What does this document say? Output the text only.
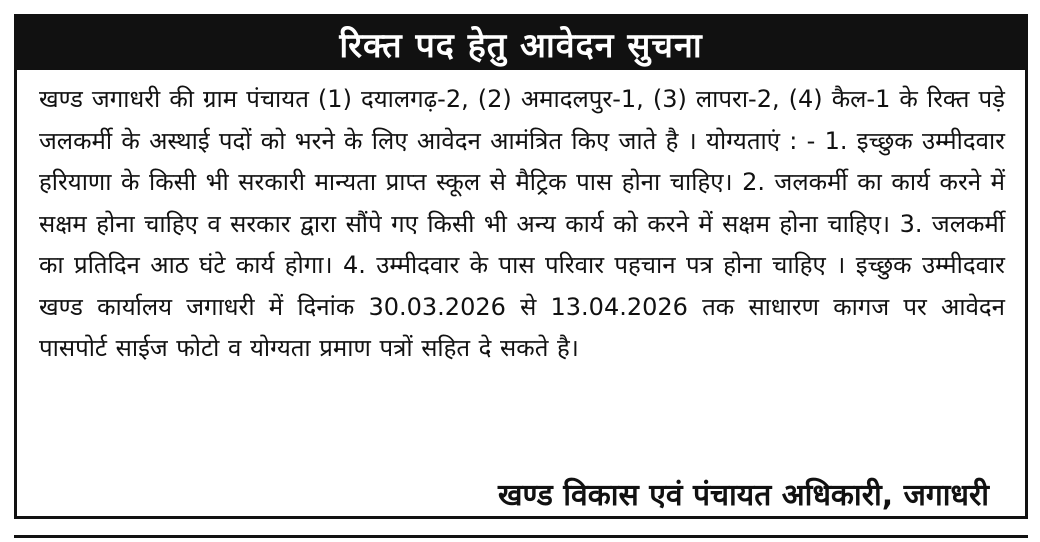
रिक्त पद हेतु आवेदन सुचना
खण्ड जगाधरी की ग्राम पंचायत (1) दयालगढ़-2, (2) अमादलपुर-1, (3) लापरा-2, (4) कैल-1 के रिक्त पड़े जलकर्मी के अस्थाई पदों को भरने के लिए आवेदन आमंत्रित किए जाते है । योग्यताएं : - 1. इच्छुक उम्मीदवार हरियाणा के किसी भी सरकारी मान्यता प्राप्त स्कूल से मैट्रिक पास होना चाहिए। 2. जलकर्मी का कार्य करने में सक्षम होना चाहिए व सरकार द्वारा सौंपे गए किसी भी अन्य कार्य को करने में सक्षम होना चाहिए। 3. जलकर्मी का प्रतिदिन आठ घंटे कार्य होगा। 4. उम्मीदवार के पास परिवार पहचान पत्र होना चाहिए । इच्छुक उम्मीदवार खण्ड कार्यालय जगाधरी में दिनांक 30.03.2026 से 13.04.2026 तक साधारण कागज पर आवेदन पासपोर्ट साईज फोटो व योग्यता प्रमाण पत्रों सहित दे सकते है।
खण्ड विकास एवं पंचायत अधिकारी, जगाधरी
